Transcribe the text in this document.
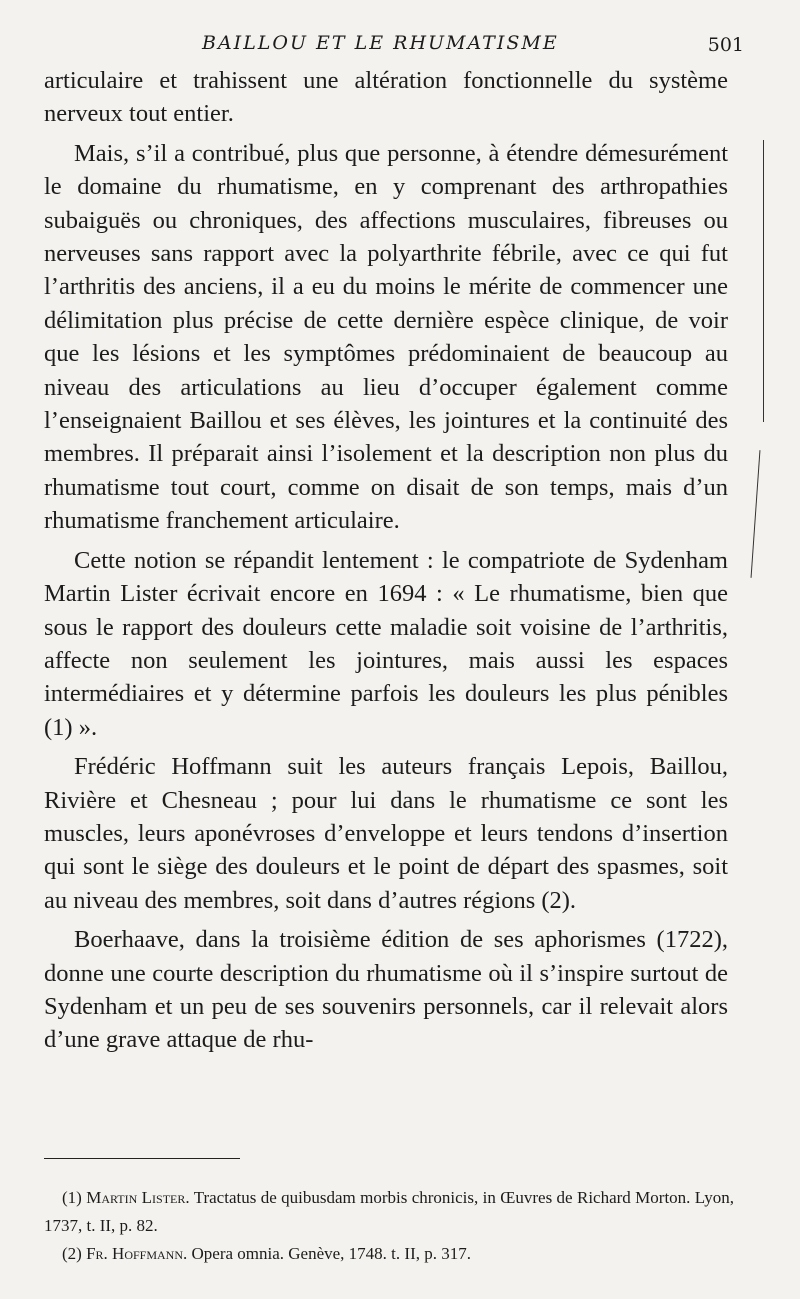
BAILLOU ET LE RHUMATISME	501

articulaire et trahissent une altération fonctionnelle du système nerveux tout entier.

Mais, s’il a contribué, plus que personne, à étendre démesurément le domaine du rhumatisme, en y comprenant des arthropathies subaiguës ou chroniques, des affections musculaires, fibreuses ou nerveuses sans rapport avec la polyarthrite fébrile, avec ce qui fut l’arthritis des anciens, il a eu du moins le mérite de commencer une délimitation plus précise de cette dernière espèce clinique, de voir que les lésions et les symptômes prédominaient de beaucoup au niveau des articulations au lieu d’occuper également comme l’enseignaient Baillou et ses élèves, les jointures et la continuité des membres. Il préparait ainsi l’isolement et la description non plus du rhumatisme tout court, comme on disait de son temps, mais d’un rhumatisme franchement articulaire.

Cette notion se répandit lentement : le compatriote de Sydenham Martin Lister écrivait encore en 1694 : « Le rhumatisme, bien que sous le rapport des douleurs cette maladie soit voisine de l’arthritis, affecte non seulement les jointures, mais aussi les espaces intermédiaires et y détermine parfois les douleurs les plus pénibles (1) ».

Frédéric Hoffmann suit les auteurs français Lepois, Baillou, Rivière et Chesneau ; pour lui dans le rhumatisme ce sont les muscles, leurs aponévroses d’enveloppe et leurs tendons d’insertion qui sont le siège des douleurs et le point de départ des spasmes, soit au niveau des membres, soit dans d’autres régions (2).

Boerhaave, dans la troisième édition de ses aphorismes (1722), donne une courte description du rhumatisme où il s’inspire surtout de Sydenham et un peu de ses souvenirs personnels, car il relevait alors d’une grave attaque de rhu-

(1) Martin Lister. Tractatus de quibusdam morbis chronicis, in Œuvres de Richard Morton. Lyon, 1737, t. II, p. 82.

(2) Fr. Hoffmann. Opera omnia. Genève, 1748. t. II, p. 317.
